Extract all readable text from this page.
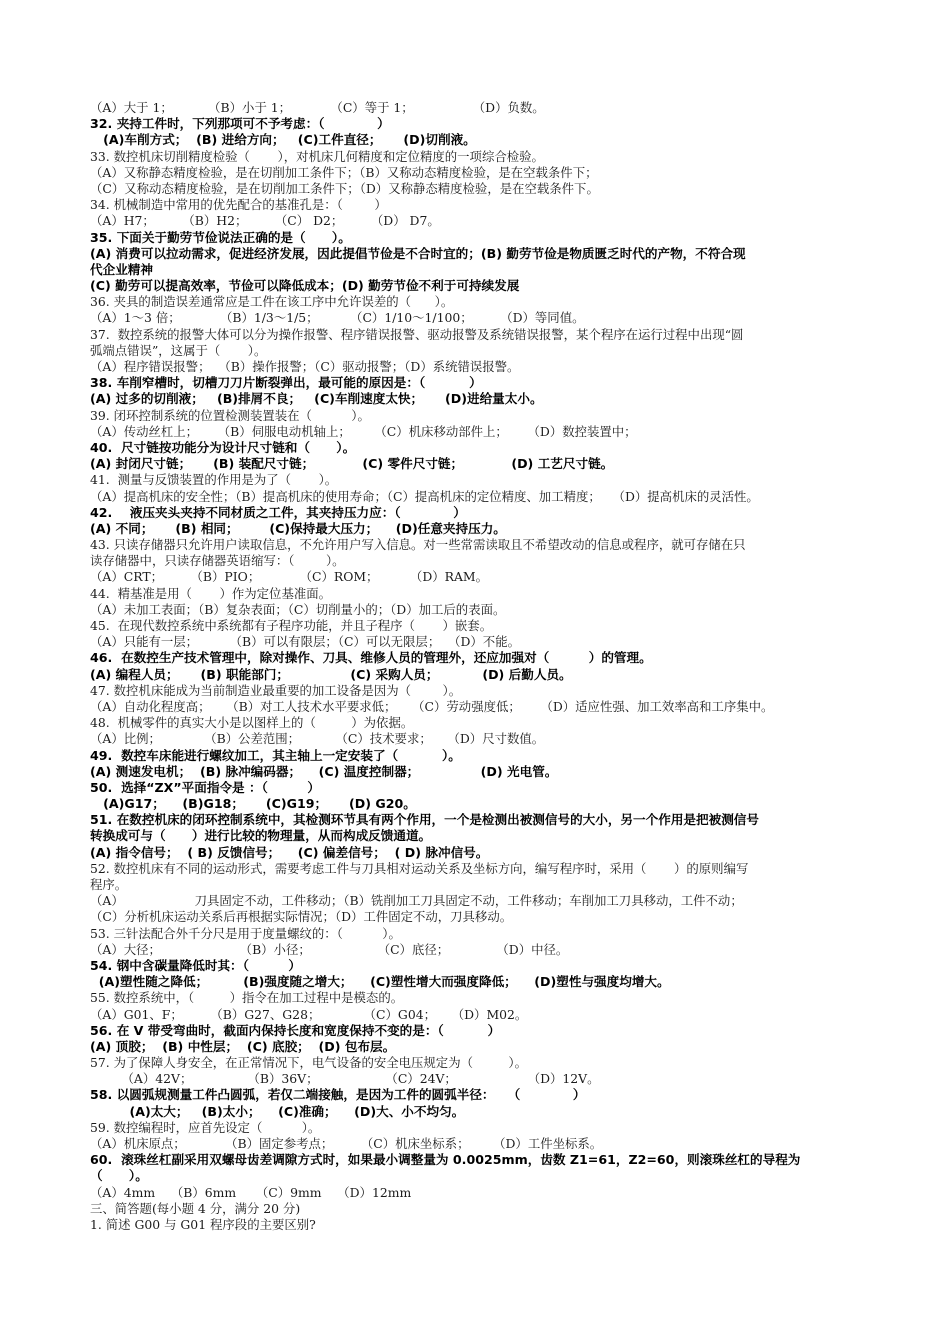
（A）大于 1；         （B）小于 1；          （C）等于 1；               （D）负数。
32. 夹持工件时，下列那项可不予考虑：（            ）
(A)车削方式；  (B) 进给方向；   (C)工件直径；     (D)切削液。
33. 数控机床切削精度检验（       ），对机床几何精度和定位精度的一项综合检验。
（A）又称静态精度检验，是在切削加工条件下；（B）又称动态精度检验，是在空载条件下；
（C）又称动态精度检验，是在切削加工条件下；（D）又称静态精度检验，是在空载条件下。
34. 机械制造中常用的优先配合的基准孔是：（        ）
（A）H7；       （B）H2；       （C） D2；       （D） D7。
35. 下面关于勤劳节俭说法正确的是（      ）。
(A) 消费可以拉动需求，促进经济发展，因此提倡节俭是不合时宜的；(B) 勤劳节俭是物质匮乏时代的产物，不符合现
代企业精神
(C) 勤劳可以提高效率，节俭可以降低成本；(D) 勤劳节俭不利于可持续发展
36. 夹具的制造误差通常应是工件在该工序中允许误差的（      ）。
（A）1～3 倍；          （B）1/3～1/5；        （C）1/10～1/100；       （D）等同值。
37.  数控系统的报警大体可以分为操作报警、程序错误报警、驱动报警及系统错误报警，某个程序在运行过程中出现“圆
弧端点错误”，这属于（       ）。
（A）程序错误报警；  （B）操作报警；（C）驱动报警；（D）系统错误报警。
38. 车削窄槽时，切槽刀刀片断裂弹出，最可能的原因是：（          ）
(A) 过多的切削液；   (B)排屑不良；   (C)车削速度太快；     (D)进给量太小。
39. 闭环控制系统的位置检测装置装在（          ）。
（A）传动丝杠上；     （B）伺服电动机轴上；      （C）机床移动部件上；     （D）数控装置中；
40.  尺寸链按功能分为设计尺寸链和（      ）。
(A) 封闭尺寸链；     (B) 装配尺寸链；           (C) 零件尺寸链；           (D) 工艺尺寸链。
41.  测量与反馈装置的作用是为了（       ）。
（A）提高机床的安全性；（B）提高机床的使用寿命；（C）提高机床的定位精度、加工精度；   （D）提高机床的灵活性。
42.    液压夹头夹持不同材质之工件，其夹持压力应：（            ）
(A) 不同；     (B) 相同；       (C)保持最大压力；    (D)任意夹持压力。
43. 只读存储器只允许用户读取信息，不允许用户写入信息。对一些常需读取且不希望改动的信息或程序，就可存储在只
读存储器中，只读存储器英语缩写：（        ）。
（A）CRT；       （B）PIO；          （C）ROM；        （D）RAM。
44.  精基准是用（       ）作为定位基准面。
（A）未加工表面；（B）复杂表面；（C）切削量小的；（D）加工后的表面。
45.  在现代数控系统中系统都有子程序功能，并且子程序（       ）嵌套。
（A）只能有一层；        （B）可以有限层；（C）可以无限层；  （D）不能。
46.  在数控生产技术管理中，除对操作、刀具、维修人员的管理外，还应加强对（         ）的管理。
(A) 编程人员；     (B) 职能部门；              (C) 采购人员；          (D) 后勤人员。
47. 数控机床能成为当前制造业最重要的加工设备是因为（        ）。
（A）自动化程度高；    （B）对工人技术水平要求低；    （C）劳动强度低；     （D）适应性强、加工效率高和工序集中。
48.  机械零件的真实大小是以图样上的（         ）为依据。
（A）比例；           （B）公差范围；         （C）技术要求；    （D）尺寸数值。
49.  数控车床能进行螺纹加工，其主轴上一定安装了（          ）。
(A) 测速发电机；  (B) 脉冲编码器；    (C) 温度控制器；              (D) 光电管。
50.  选择“ZX”平面指令是 ：（         ）
(A)G17；    (B)G18；     (C)G19；     (D) G20。
51. 在数控机床的闭环控制系统中，其检测环节具有两个作用，一个是检测出被测信号的大小，另一个作用是把被测信号
转换成可与（      ）进行比较的物理量，从而构成反馈通道。
(A) 指令信号；  ( B) 反馈信号；    (C) 偏差信号；  ( D) 脉冲信号。
52. 数控机床有不同的运动形式，需要考虑工件与刀具相对运动关系及坐标方向，编写程序时，采用（       ）的原则编写
程序。
（A）                  刀具固定不动，工件移动；（B）铣削加工刀具固定不动，工件移动；车削加工刀具移动，工件不动；
（C）分析机床运动关系后再根据实际情况；（D）工件固定不动，刀具移动。
53. 三针法配合外千分尺是用于度量螺纹的：（          ）。
（A）大径；                    （B）小径；                 （C）底径；            （D）中径。
54. 钢中含碳量降低时其：（         ）
(A)塑性随之降低；        (B)强度随之增大；    (C)塑性增大而强度降低；    (D)塑性与强度均增大。
55. 数控系统中，（         ）指令在加工过程中是模态的。
（A）G01、F；       （B）G27、G28；           （C）G04；    （D）M02。
56. 在 V 带受弯曲时，截面内保持长度和宽度保持不变的是：（          ）
(A) 顶胶；  (B) 中性层；  (C) 底胶；  (D) 包布层。
57. 为了保障人身安全，在正常情况下，电气设备的安全电压规定为（         ）。
（A）42V；              （B）36V；                 （C）24V；                  （D）12V。
58. 以圆弧规测量工件凸圆弧，若仅二端接触，是因为工件的圆弧半径：   （            ）
(A)太大；   (B)太小；    (C)准确；    (D)大、小不均匀。
59. 数控编程时，应首先设定（          ）。
（A）机床原点；          （B）固定参考点；       （C）机床坐标系；      （D）工件坐标系。
60.  滚珠丝杠副采用双螺母齿差调隙方式时，如果最小调整量为 0.0025mm，齿数 Z1=61，Z2=60，则滚珠丝杠的导程为
（      ）。
（A）4mm    （B）6mm     （C）9mm    （D）12mm
三、简答题(每小题 4 分，满分 20 分)
1. 简述 G00 与 G01 程序段的主要区别?
